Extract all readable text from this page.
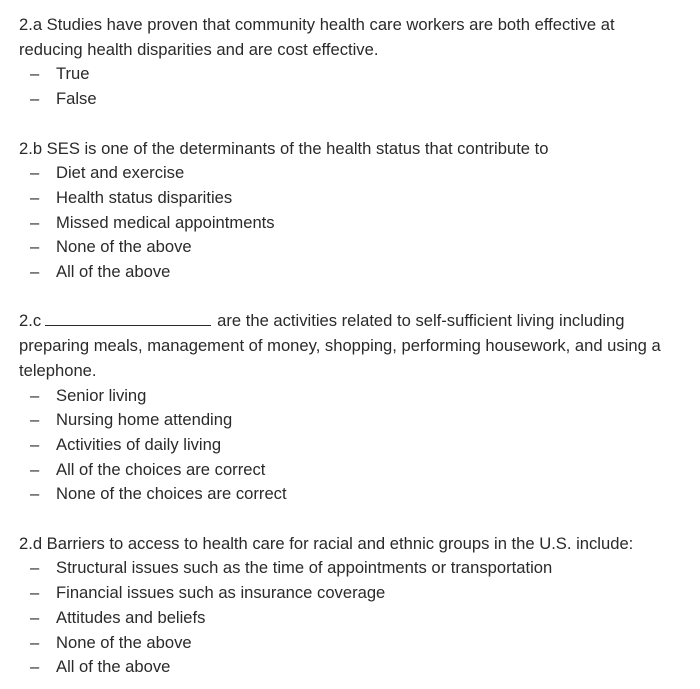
2.a Studies have proven that community health care workers are both effective at reducing health disparities and are cost effective.

– True
– False

2.b SES is one of the determinants of the health status that contribute to

– Diet and exercise
– Health status disparities
– Missed medical appointments
– None of the above
– All of the above

2.c	are the activities related to self-sufficient living including preparing meals, management of money, shopping, performing housework, and using a telephone.

– Senior living
– Nursing home attending
– Activities of daily living
– All of the choices are correct
– None of the choices are correct

2.d Barriers to access to health care for racial and ethnic groups in the U.S. include:

– Structural issues such as the time of appointments or transportation
– Financial issues such as insurance coverage
– Attitudes and beliefs
– None of the above
– All of the above
